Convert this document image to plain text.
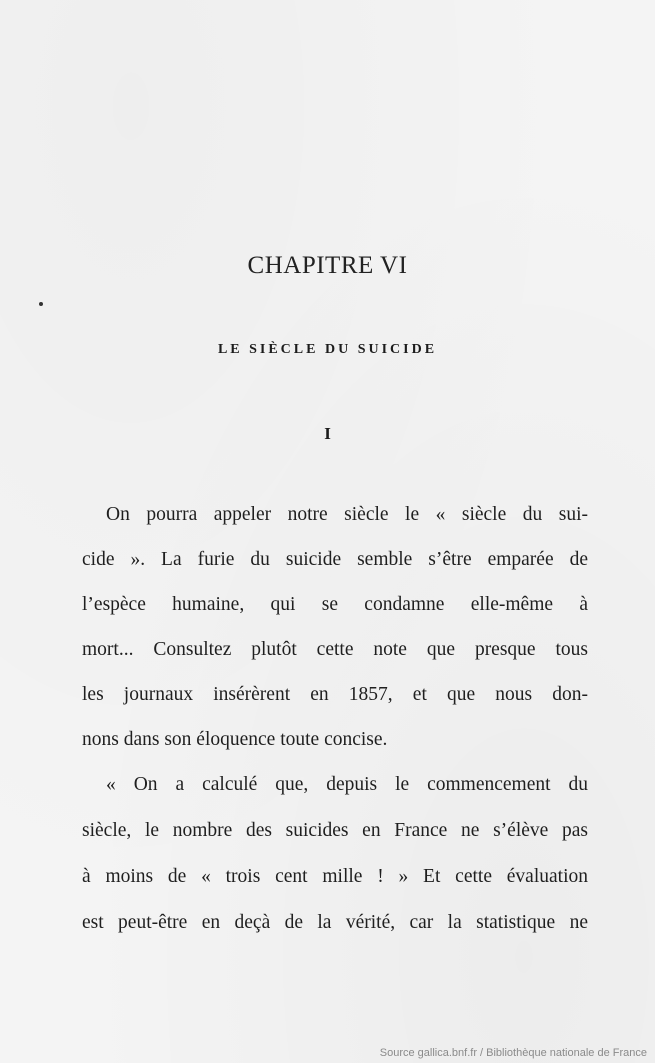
CHAPITRE VI
LE SIÈCLE DU SUICIDE
I
On pourra appeler notre siècle le « siècle du sui-
cide ». La furie du suicide semble s’être emparée de
l’espèce humaine, qui se condamne elle-même à
mort... Consultez plutôt cette note que presque tous
les journaux insérèrent en 1857, et que nous don-
nons dans son éloquence toute concise.
« On a calculé que, depuis le commencement du
siècle, le nombre des suicides en France ne s’élève pas
à moins de « trois cent mille ! » Et cette évaluation
est peut-être en deçà de la vérité, car la statistique ne

Source gallica.bnf.fr / Bibliothèque nationale de France
